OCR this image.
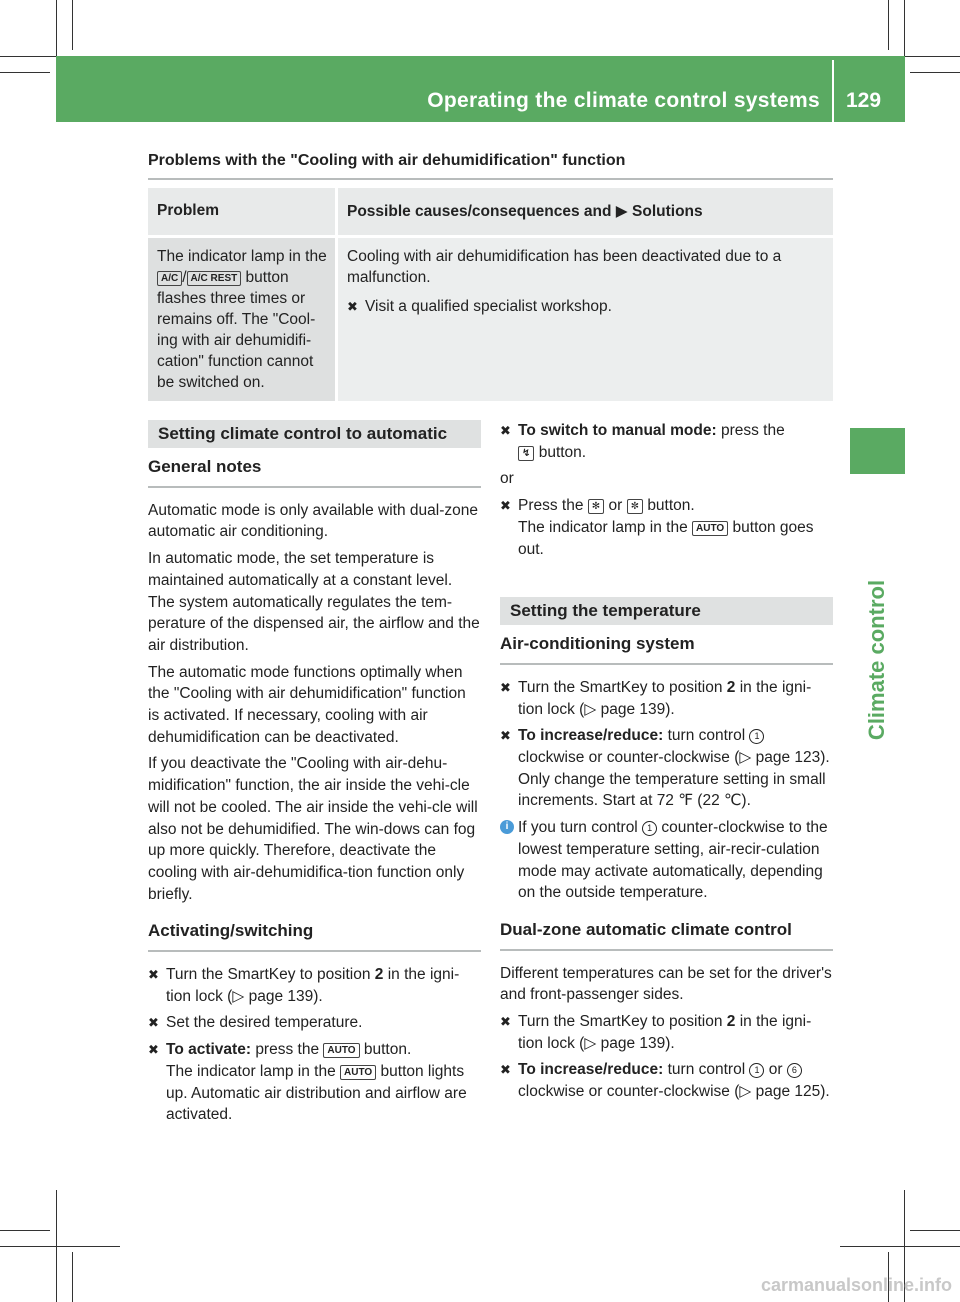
Operating the climate control systems 129
Climate control
Problems with the "Cooling with air dehumidification" function
Problem	Possible causes/consequences and ▶ Solutions
The indicator lamp in the A/C / A/C REST button flashes three times or remains off. The "Cool-ing with air dehumidifi-cation" function cannot be switched on.	Cooling with air dehumidification has been deactivated due to a malfunction.

✖ Visit a qualified specialist workshop.
Setting climate control to automatic
General notes

Automatic mode is only available with dual-zone automatic air conditioning.

In automatic mode, the set temperature is maintained automatically at a constant level. The system automatically regulates the tem-perature of the dispensed air, the airflow and the air distribution.

The automatic mode functions optimally when the "Cooling with air dehumidification" function is activated. If necessary, cooling with air dehumidification can be deactivated.

If you deactivate the "Cooling with air-dehu-midification" function, the air inside the vehi-cle will not be cooled. The air inside the vehi-cle will also not be dehumidified. The win-dows can fog up more quickly. Therefore, deactivate the cooling with air-dehumidifica-tion function only briefly.

Activating/switching
✖ Turn the SmartKey to position 2 in the igni-tion lock (▷ page 139).
✖ Set the desired temperature.
✖ To activate: press the AUTO button.
The indicator lamp in the AUTO button lights up. Automatic air distribution and airflow are activated.
✖ To switch to manual mode: press the
↯ button.

or

✖ Press the ✻ or ✼ button.
The indicator lamp in the AUTO button goes out.
Setting the temperature
Air-conditioning system
✖ Turn the SmartKey to position 2 in the igni-tion lock (▷ page 139).
✖ To increase/reduce: turn control 1 clockwise or counter-clockwise (▷ page 123).
Only change the temperature setting in small increments. Start at 72 ℉ (22 ℃).
i If you turn control 1 counter-clockwise to the lowest temperature setting, air-recir-culation mode may activate automatically, depending on the outside temperature.
Dual-zone automatic climate control

Different temperatures can be set for the driver's and front-passenger sides.

✖ Turn the SmartKey to position 2 in the igni-tion lock (▷ page 139).
✖ To increase/reduce: turn control 1 or 6 clockwise or counter-clockwise (▷ page 125).
carmanualsonline.info
